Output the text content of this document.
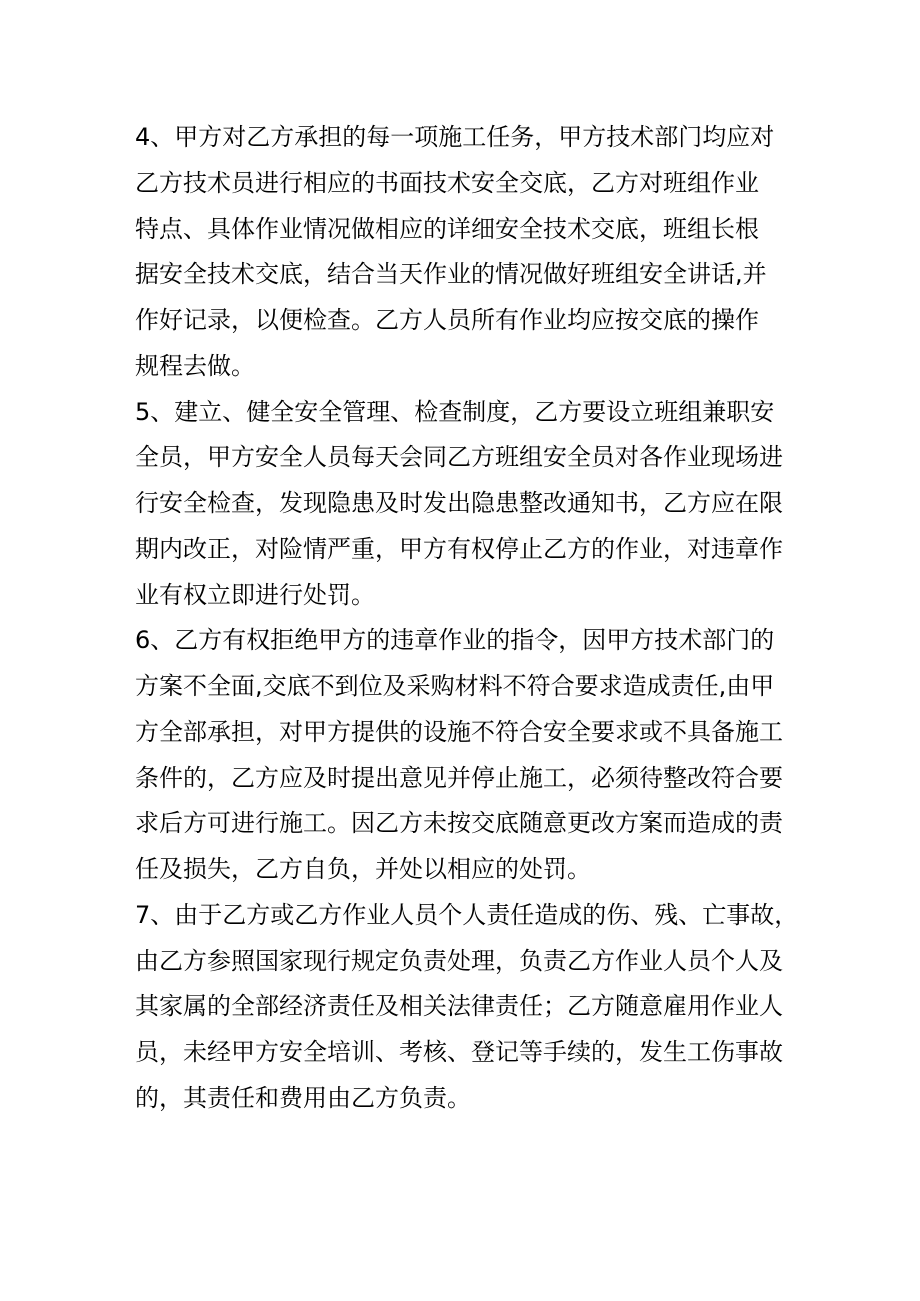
4、甲方对乙方承担的每一项施工任务，甲方技术部门均应对
乙方技术员进行相应的书面技术安全交底，乙方对班组作业
特点、具体作业情况做相应的详细安全技术交底，班组长根
据安全技术交底，结合当天作业的情况做好班组安全讲话,并
作好记录，以便检查。乙方人员所有作业均应按交底的操作
规程去做。
5、建立、健全安全管理、检查制度，乙方要设立班组兼职安
全员，甲方安全人员每天会同乙方班组安全员对各作业现场进
行安全检查，发现隐患及时发出隐患整改通知书，乙方应在限
期内改正，对险情严重，甲方有权停止乙方的作业，对违章作
业有权立即进行处罚。
6、乙方有权拒绝甲方的违章作业的指令，因甲方技术部门的
方案不全面,交底不到位及采购材料不符合要求造成责任,由甲
方全部承担，对甲方提供的设施不符合安全要求或不具备施工
条件的，乙方应及时提出意见并停止施工，必须待整改符合要
求后方可进行施工。因乙方未按交底随意更改方案而造成的责
任及损失，乙方自负，并处以相应的处罚。
7、由于乙方或乙方作业人员个人责任造成的伤、残、亡事故，
由乙方参照国家现行规定负责处理，负责乙方作业人员个人及
其家属的全部经济责任及相关法律责任；乙方随意雇用作业人
员，未经甲方安全培训、考核、登记等手续的，发生工伤事故
的，其责任和费用由乙方负责。
